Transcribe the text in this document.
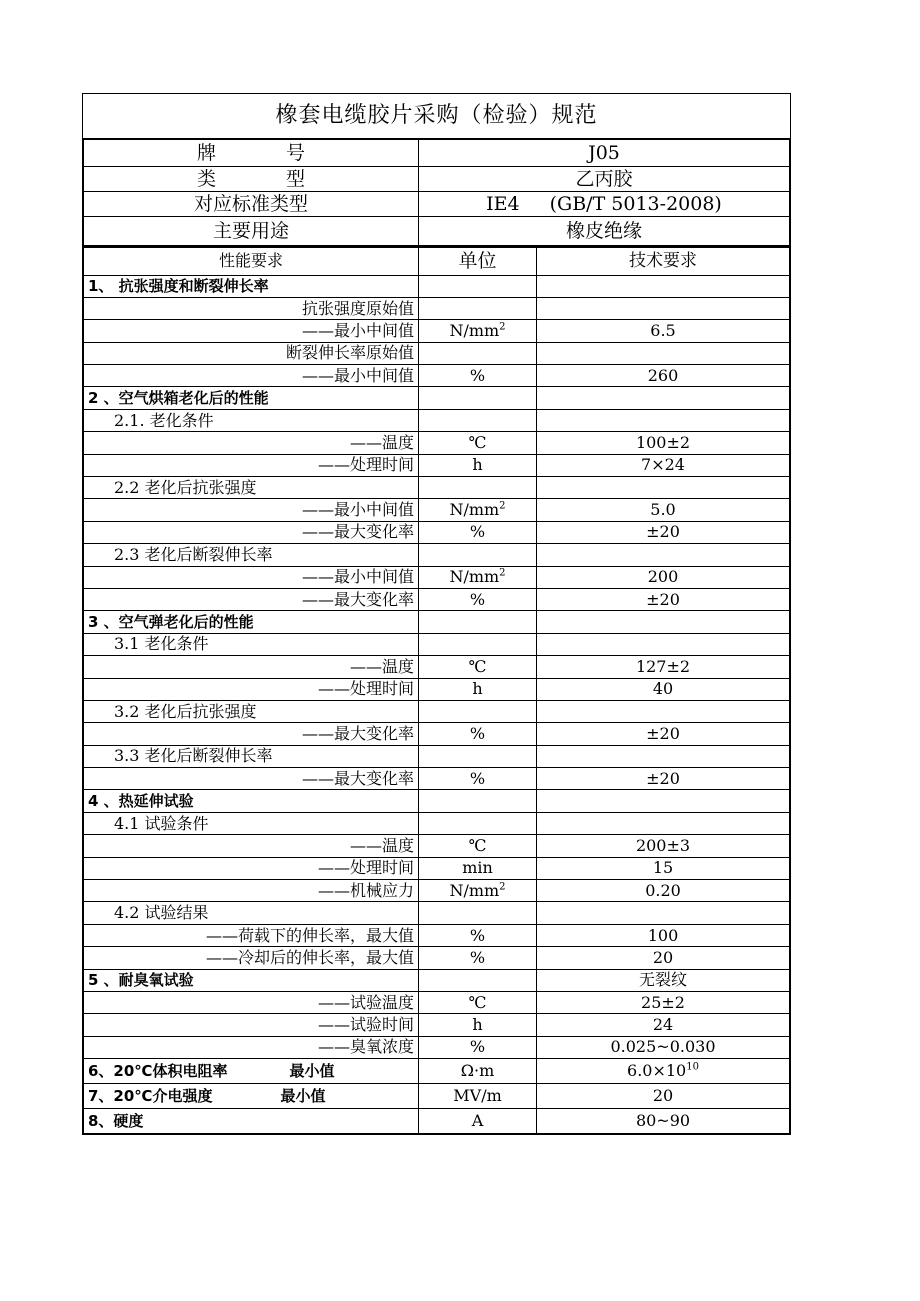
橡套电缆胶片采购（检验）规范
牌 号	J05
类 型	乙丙胶
对应标准类型	IE4 (GB/T 5013-2008)
主要用途	橡皮绝缘
性能要求	单位	技术要求
1、 抗张强度和断裂伸长率		
抗张强度原始值		
——最小中间值	$N/mm^2$	6.5
断裂伸长率原始值		
——最小中间值	%	260
2 、空气烘箱老化后的性能		
2.1. 老化条件		
——温度	℃	100±2
——处理时间	h	7×24
2.2 老化后抗张强度		
——最小中间值	$N/mm^2$	5.0
——最大变化率	%	±20
2.3 老化后断裂伸长率		
——最小中间值	$N/mm^2$	200
——最大变化率	%	±20
3 、空气弹老化后的性能		
3.1 老化条件		
——温度	℃	127±2
——处理时间	h	40
3.2 老化后抗张强度		
——最大变化率	%	±20
3.3 老化后断裂伸长率		
——最大变化率	%	±20
4 、热延伸试验		
4.1 试验条件		
——温度	℃	200±3
——处理时间	min	15
——机械应力	$N/mm^2$	0.20
4.2 试验结果		
——荷载下的伸长率，最大值	%	100
——冷却后的伸长率，最大值	%	20
5 、耐臭氧试验		无裂纹
——试验温度	℃	25±2
——试验时间	h	24
——臭氧浓度	%	0.025~0.030
6、20℃体积电阻率 最小值	Ω·m	$6.0\times 10^{10}$
7、20℃介电强度 最小值	MV/m	20
8、硬度	A	80~90
